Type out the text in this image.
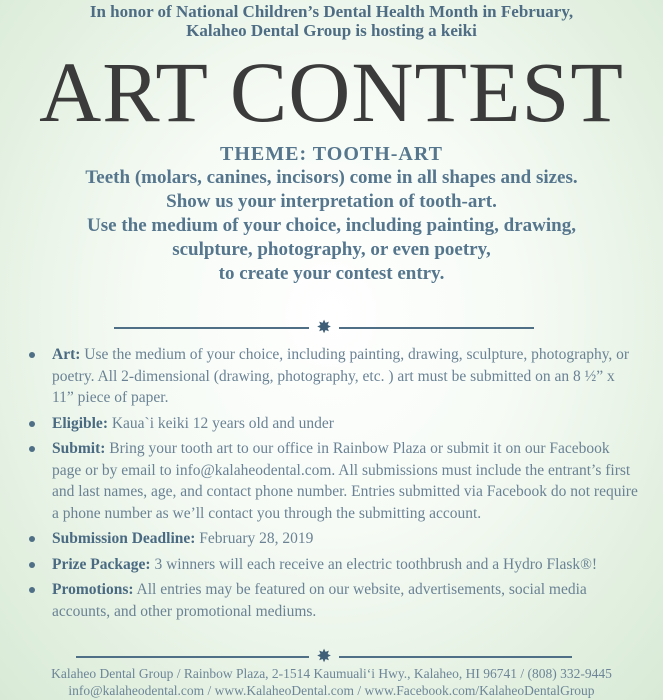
In honor of National Children’s Dental Health Month in February,
Kalaheo Dental Group is hosting a keiki
ART CONTEST
THEME: TOOTH-ART
Teeth (molars, canines, incisors) come in all shapes and sizes.
Show us your interpretation of tooth-art.
Use the medium of your choice, including painting, drawing,
sculpture, photography, or even poetry,
to create your contest entry.
✸
Art: Use the medium of your choice, including painting, drawing, sculpture, photography, or poetry. All 2-dimensional (drawing, photography, etc. ) art must be submitted on an 8 ½” x 11” piece of paper.
Eligible: Kaua`i keiki 12 years old and under
Submit: Bring your tooth art to our office in Rainbow Plaza or submit it on our Facebook page or by email to info@kalaheodental.com. All submissions must include the entrant’s first and last names, age, and contact phone number. Entries submitted via Facebook do not require a phone number as we’ll contact you through the submitting account.
Submission Deadline: February 28, 2019
Prize Package: 3 winners will each receive an electric toothbrush and a Hydro Flask®!
Promotions: All entries may be featured on our website, advertisements, social media accounts, and other promotional mediums.
✸
Kalaheo Dental Group / Rainbow Plaza, 2-1514 Kaumuali‘i Hwy., Kalaheo, HI 96741 / (808) 332-9445
info@kalaheodental.com / www.KalaheoDental.com / www.Facebook.com/KalaheoDentalGroup
